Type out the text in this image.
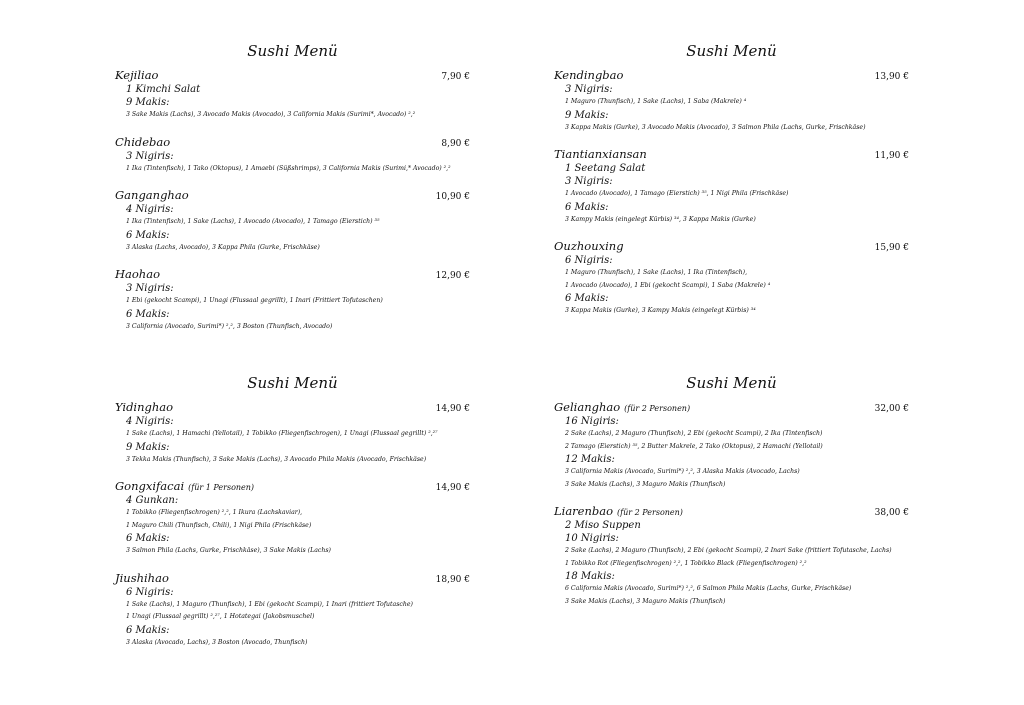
Sushi Menü
Kejiliao	7,90 €
1 Kimchi Salat
9 Makis:
3 Sake Makis (Lachs), 3 Avocado Makis (Avocado), 3 California Makis (Surimi*, Avocado) ²,²
Chidebao	8,90 €
3 Nigiris:
1 Ika (Tintenfisch), 1 Tako (Oktopus), 1 Amaebi (Süßshrimps), 3 California Makis (Surimi,* Avocado) ²,²
Ganganghao	10,90 €
4 Nigiris:
1 Ika (Tintenfisch), 1 Sake (Lachs), 1 Avocado (Avocado), 1 Tamago (Eierstich) ³⁵
6 Makis:
3 Alaska (Lachs, Avocado), 3 Kappa Phila (Gurke, Frischkäse)
Haohao	12,90 €
3 Nigiris:
1 Ebi (gekocht Scampi), 1 Unagi (Flussaal gegrillt), 1 Inari (Frittiert Tofutaschen)
6 Makis:
3 California (Avocado, Surimi*) ²,², 3 Boston (Thunfisch, Avocado)
Sushi Menü
Kendingbao	13,90 €
3 Nigiris:
1 Maguro (Thunfisch), 1 Sake (Lachs), 1 Saba (Makrele) ⁴
9 Makis:
3 Kappa Makis (Gurke), 3 Avocado Makis (Avocado), 3 Salmon Phila (Lachs, Gurke, Frischkäse)
Tiantianxiansan	11,90 €
1 Seetang Salat
3 Nigiris:
1 Avocado (Avocado), 1 Tamago (Eierstich) ³⁵, 1 Nigi Phila (Frischkäse)
6 Makis:
3 Kampy Makis (eingelegt Kürbis) ³⁴, 3 Kappa Makis (Gurke)
Ouzhouxing	15,90 €
6 Nigiris:
1 Maguro (Thunfisch), 1 Sake (Lachs), 1 Ika (Tintenfisch),
1 Avocado (Avocado), 1 Ebi (gekocht Scampi), 1 Saba (Makrele) ⁴
6 Makis:
3 Kappa Makis (Gurke), 3 Kampy Makis (eingelegt Kürbis) ³⁴
Sushi Menü
Yidinghao	14,90 €
4 Nigiris:
1 Sake (Lachs), 1 Hamachi (Yellotail), 1 Tobikko (Fliegenfischrogen), 1 Unagi (Flussaal gegrillt) ²,²⁷
9 Makis:
3 Tekka Makis (Thunfisch), 3 Sake Makis (Lachs), 3 Avocado Phila Makis (Avocado, Frischkäse)
Gongxifacai (für 1 Personen)	14,90 €
4 Gunkan:
1 Tobikko (Fliegenfischrogen) ²,², 1 Ikura (Lachskaviar),
1 Maguro Chili (Thunfisch, Chili), 1 Nigi Phila (Frischkäse)
6 Makis:
3 Salmon Phila (Lachs, Gurke, Frischkäse), 3 Sake Makis (Lachs)
Jiushihao	18,90 €
6 Nigiris:
1 Sake (Lachs), 1 Maguro (Thunfisch), 1 Ebi (gekocht Scampi), 1 Inari (frittiert Tofutasche)
1 Unagi (Flussaal gegrillt) ²,²⁷, 1 Hotategai (Jakobsmuschel)
6 Makis:
3 Alaska (Avocado, Lachs), 3 Boston (Avocado, Thunfisch)
Sushi Menü
Gelianghao (für 2 Personen)	32,00 €
16 Nigiris:
2 Sake (Lachs), 2 Maguro (Thunfisch), 2 Ebi (gekocht Scampi), 2 Ika (Tintenfisch)
2 Tamago (Eierstich) ³⁵, 2 Butter Makrele, 2 Tako (Oktopus), 2 Hamachi (Yellotail)
12 Makis:
3 California Makis (Avocado, Surimi*) ²,², 3 Alaska Makis (Avocado, Lachs)
3 Sake Makis (Lachs), 3 Maguro Makis (Thunfisch)
Liarenbao (für 2 Personen)	38,00 €
2 Miso Suppen
10 Nigiris:
2 Sake (Lachs), 2 Maguro (Thunfisch), 2 Ebi (gekocht Scampi), 2 Inari Sake (frittiert Tofutasche, Lachs)
1 Tobikko Rot (Fliegenfischrogen) ²,², 1 Tobikko Black (Fliegenfischrogen) ²,²
18 Makis:
6 California Makis (Avocado, Surimi*) ²,², 6 Salmon Phila Makis (Lachs, Gurke, Frischkäse)
3 Sake Makis (Lachs), 3 Maguro Makis (Thunfisch)
